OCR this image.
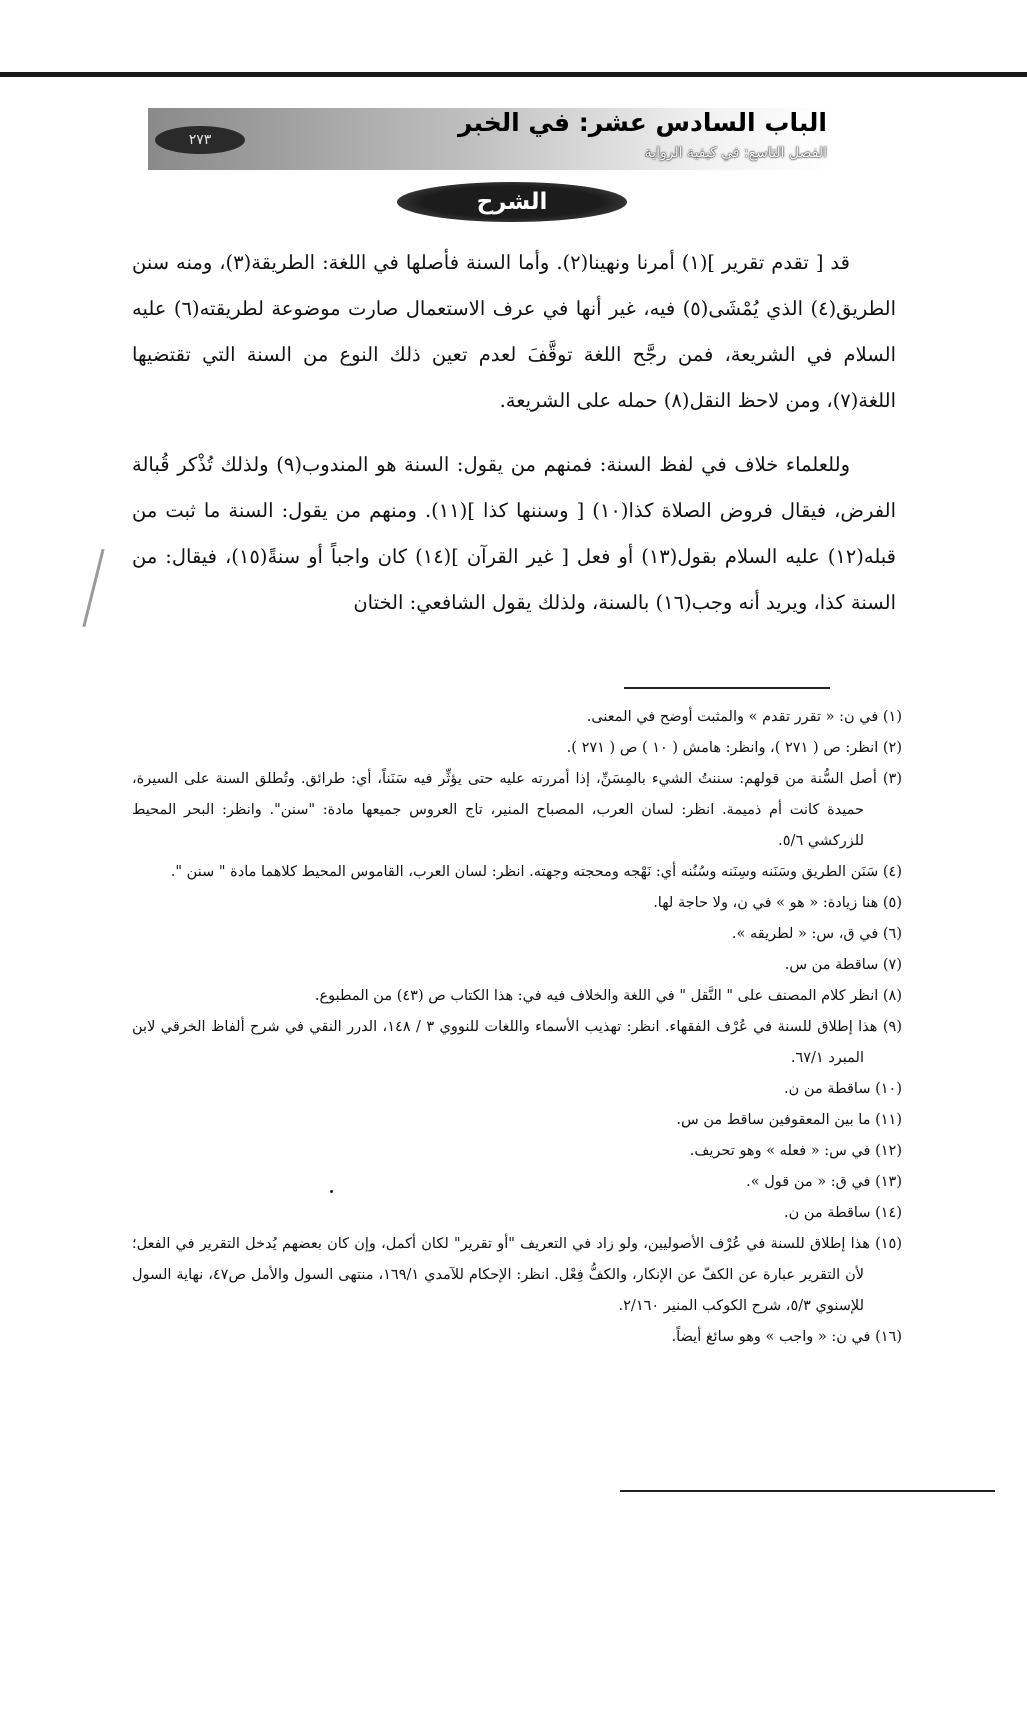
٢٧٣
الباب السادس عشر: في الخبر
الفصل التاسع: في كيفية الرواية
الشرح

قد [ تقدم تقرير ](١) أمرنا ونهينا(٢). وأما السنة فأصلها في اللغة: الطريقة(٣)، ومنه سنن الطريق(٤) الذي يُمْشَى(٥) فيه، غير أنها في عرف الاستعمال صارت موضوعة لطريقته(٦) عليه السلام في الشريعة، فمن رجَّح اللغة توقَّفَ لعدم تعين ذلك النوع من السنة التي تقتضيها اللغة(٧)، ومن لاحظ النقل(٨) حمله على الشريعة.

وللعلماء خلاف في لفظ السنة: فمنهم من يقول: السنة هو المندوب(٩) ولذلك تُذْكر قُبالة الفرض، فيقال فروض الصلاة كذا(١٠) [ وسننها كذا ](١١). ومنهم من يقول: السنة ما ثبت من قبله(١٢) عليه السلام بقول(١٣) أو فعل [ غير القرآن ](١٤) كان واجباً أو سنةً(١٥)، فيقال: من السنة كذا، ويريد أنه وجب(١٦) بالسنة، ولذلك يقول الشافعي: الختان

(١) في ن: « تقرر تقدم » والمثبت أوضح في المعنى.

(٢) انظر: ص ( ٢٧١ )، وانظر: هامش ( ١٠ ) ص ( ٢٧١ ).

(٣) أصل السُّنة من قولهم: سننتُ الشيء بالمِسَنِّ، إذا أمررته عليه حتى يؤثِّر فيه سَنَناً، أي: طرائق. وتُطلق السنة على السيرة، حميدة كانت أم ذميمة. انظر: لسان العرب، المصباح المنير، تاج العروس جميعها مادة: "سنن". وانظر: البحر المحيط للزركشي ٥/٦.

(٤) سَنَن الطريق وسَنَنه وسِنَنه وسُنُنه أي: نَهْجه ومحجته وجهته. انظر: لسان العرب، القاموس المحيط كلاهما مادة " سنن ".

(٥) هنا زيادة: « هو » في ن، ولا حاجة لها.

(٦) في ق، س: « لطريقه ».

(٧) ساقطة من س.

(٨) انظر كلام المصنف على " النَّقل " في اللغة والخلاف فيه في: هذا الكتاب ص (٤٣) من المطبوع.

(٩) هذا إطلاق للسنة في عُرْف الفقهاء. انظر: تهذيب الأسماء واللغات للنووي ٣ / ١٤٨، الدرر النقي في شرح ألفاظ الخرقي لابن المبرد ٦٧/١.

(١٠) ساقطة من ن.

(١١) ما بين المعقوفين ساقط من س.

(١٢) في س: « فعله » وهو تحريف.

(١٣) في ق: « من قول ».

(١٤) ساقطة من ن.

(١٥) هذا إطلاق للسنة في عُرْف الأصوليين، ولو زاد في التعريف "أو تقرير" لكان أكمل، وإن كان بعضهم يُدخل التقرير في الفعل؛ لأن التقرير عبارة عن الكفّ عن الإنكار، والكفُّ فِعْل. انظر: الإحكام للآمدي ١٦٩/١، منتهى السول والأمل ص٤٧، نهاية السول للإسنوي ٥/٣، شرح الكوكب المنير ٢/١٦٠.

(١٦) في ن: « واجب » وهو سائغ أيضاً.
